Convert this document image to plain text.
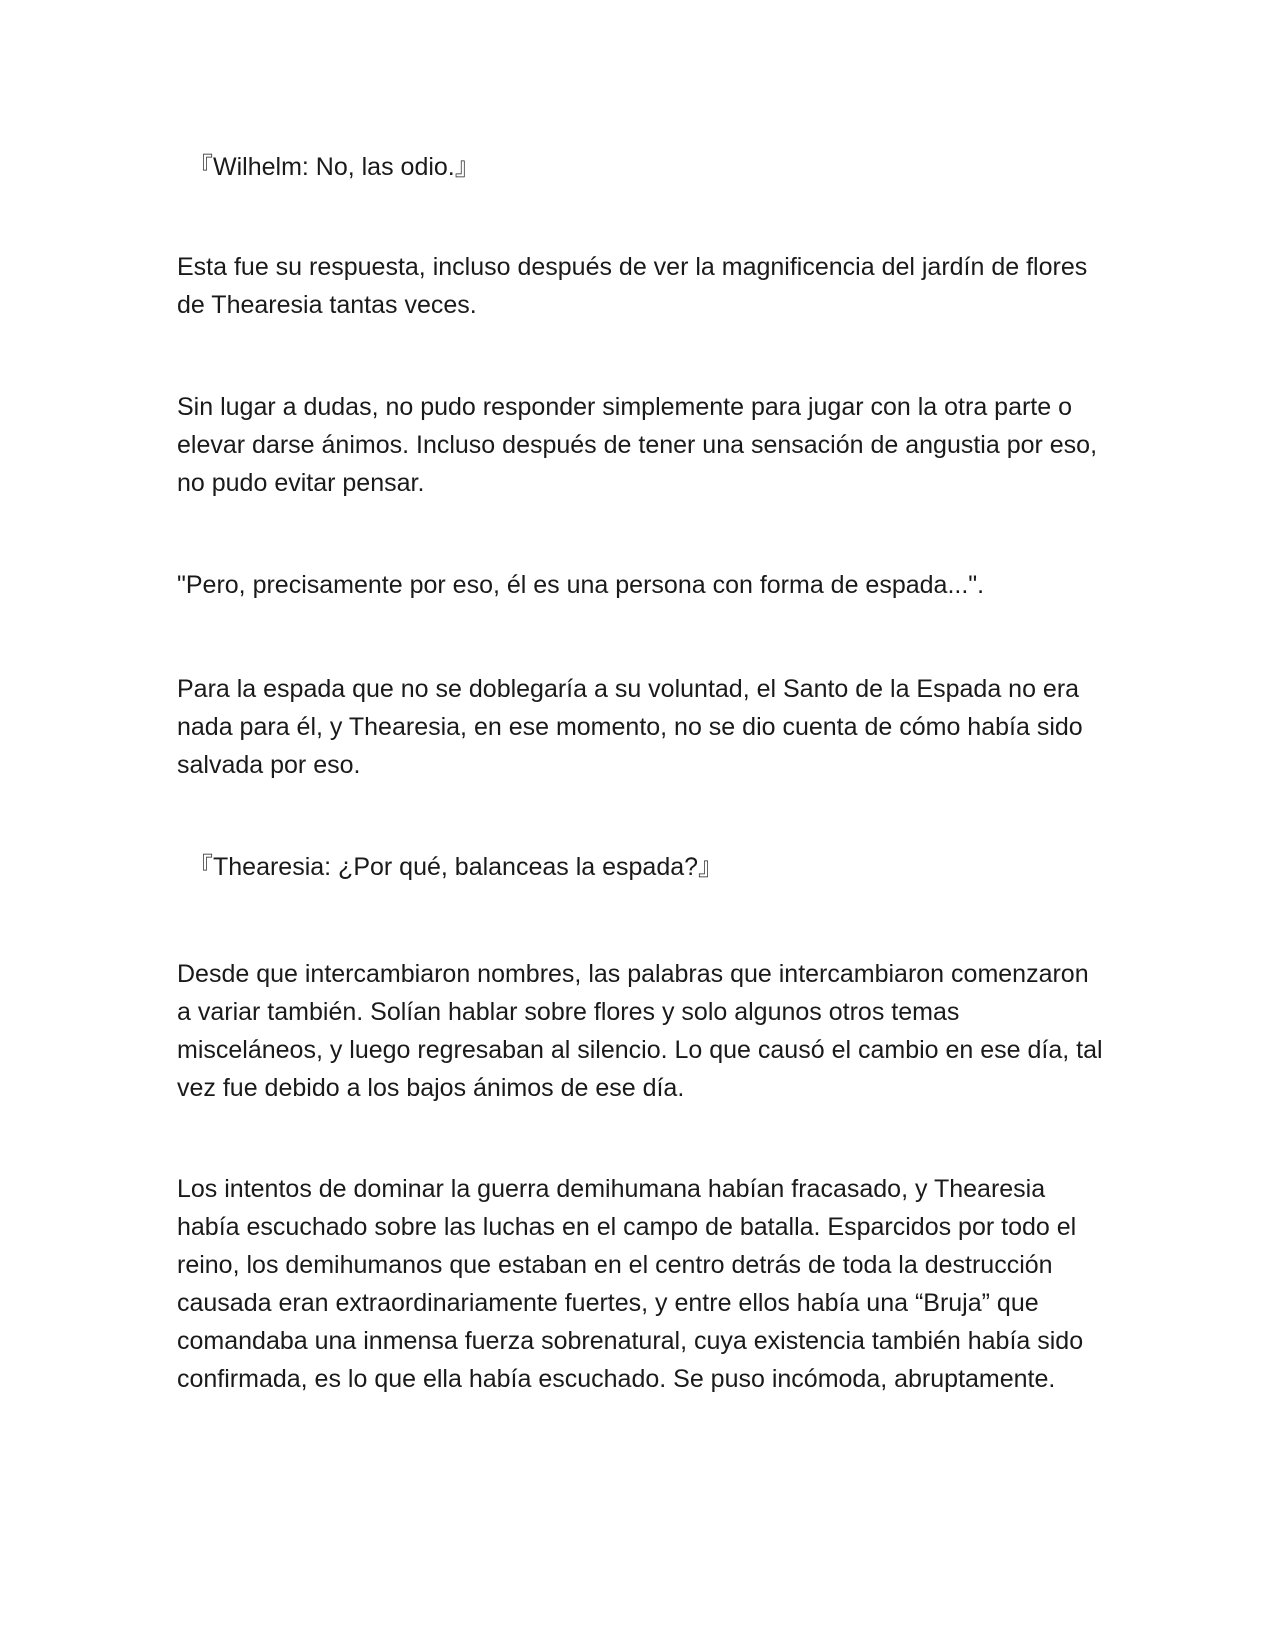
『Wilhelm: No, las odio.』

Esta fue su respuesta, incluso después de ver la magnificencia del jardín de flores de Thearesia tantas veces.

Sin lugar a dudas, no pudo responder simplemente para jugar con la otra parte o elevar darse ánimos. Incluso después de tener una sensación de angustia por eso, no pudo evitar pensar.

"Pero, precisamente por eso, él es una persona con forma de espada...".

Para la espada que no se doblegaría a su voluntad, el Santo de la Espada no era nada para él, y Thearesia, en ese momento, no se dio cuenta de cómo había sido salvada por eso.

『Thearesia: ¿Por qué, balanceas la espada?』

Desde que intercambiaron nombres, las palabras que intercambiaron comenzaron a variar también. Solían hablar sobre flores y solo algunos otros temas misceláneos, y luego regresaban al silencio. Lo que causó el cambio en ese día, tal vez fue debido a los bajos ánimos de ese día.

Los intentos de dominar la guerra demihumana habían fracasado, y Thearesia había escuchado sobre las luchas en el campo de batalla. Esparcidos por todo el reino, los demihumanos que estaban en el centro detrás de toda la destrucción causada eran extraordinariamente fuertes, y entre ellos había una “Bruja” que comandaba una inmensa fuerza sobrenatural, cuya existencia también había sido confirmada, es lo que ella había escuchado. Se puso incómoda, abruptamente.
